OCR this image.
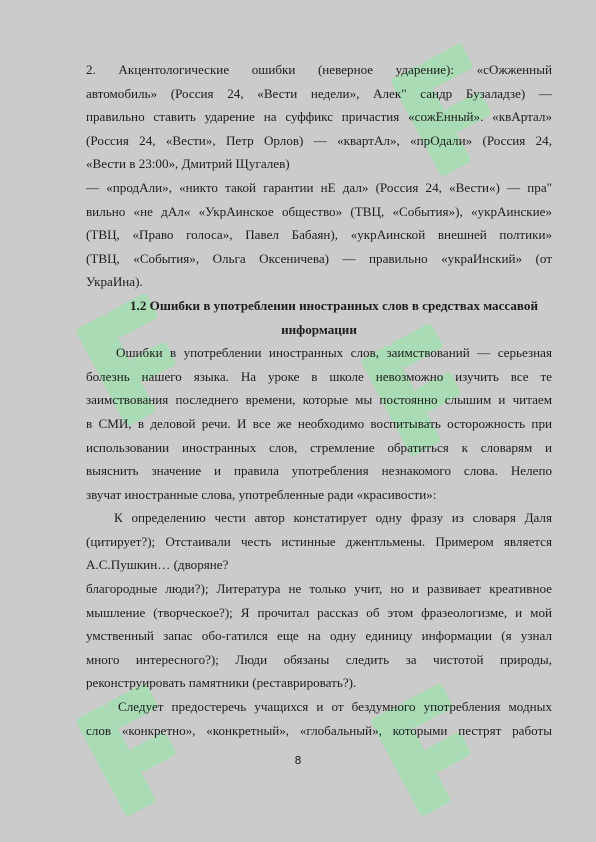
2. Акцентологические ошибки (неверное ударение): «сОжженный
автомобиль» (Россия 24, «Вести недели», Алек" сандр Бузаладзе) —
правильно ставить ударение на суффикс причастия «сожЕнный». «квАртал»
(Россия 24, «Вести», Петр Орлов) — «квартАл», «прОдали» (Россия 24,
«Вести в 23:00», Дмитрий Щугалев)
— «продАли», «никто такой гарантии нЕ дал» (Россия 24, «Вести«) — пра"
вильно «не дАл« «УкрАинское общество» (ТВЦ, «События»), «укрАинские»
(ТВЦ, «Право голоса», Павел Бабаян), «укрАинской внешней полтики»
(ТВЦ, «События», Ольга Оксеничева) — правильно «украИнский» (от
УкраИна).
1.2 Ошибки в употреблении иностранных слов в средствах массавой
информации
Ошибки в употреблении иностранных слов, заимствований — серьезная
болезнь нашего языка. На уроке в школе невозможно изучить все те
заимствования последнего времени, которые мы постоянно слышим и читаем
в СМИ, в деловой речи. И все же необходимо воспитывать осторожность при
использовании иностранных слов, стремление обратиться к словарям и
выяснить значение и правила употребления незнакомого слова. Нелепо
звучат иностранные слова, употребленные ради «красивости»:
К определению чести автор констатирует одну фразу из словаря Даля
(цитирует?); Отстаивали честь истинные джентльмены. Примером является
А.С.Пушкин… (дворяне?
благородные люди?); Литература не только учит, но и развивает креативное
мышление (творческое?); Я прочитал рассказ об этом фразеологизме, и мой
умственный запас обо-гатился еще на одну единицу информации (я узнал
много интересного?); Люди обязаны следить за чистотой природы,
реконструировать памятники (реставрировать?).
Следует предостеречь учащихся и от бездумного употребления модных
слов «конкретно», «конкретный», «глобальный», которыми пестрят работы
8
